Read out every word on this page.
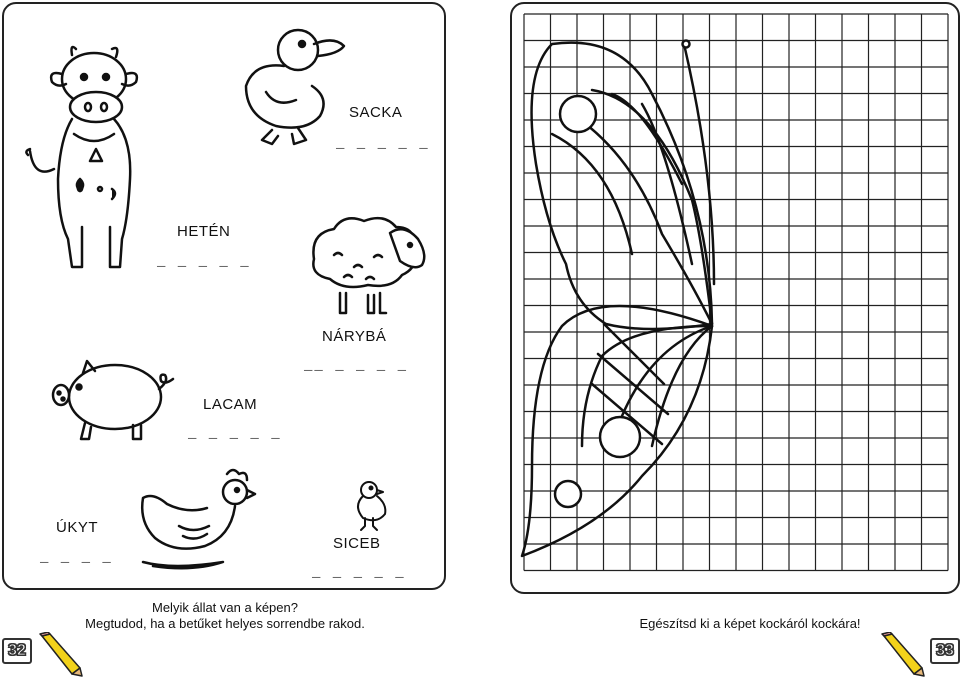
SACKA
_ _ _ _ _
HETÉN
_ _ _ _ _
NÁRYBÁ
__ _ _ _ _
LACAM
_ _ _ _ _
ÚKYT
_ _ _ _
SICEB
_ _ _ _ _
Melyik állat van a képen?
Megtudod, ha a betűket helyes sorrendbe rakod.
32
Egészítsd ki a képet kockáról kockára!
33
